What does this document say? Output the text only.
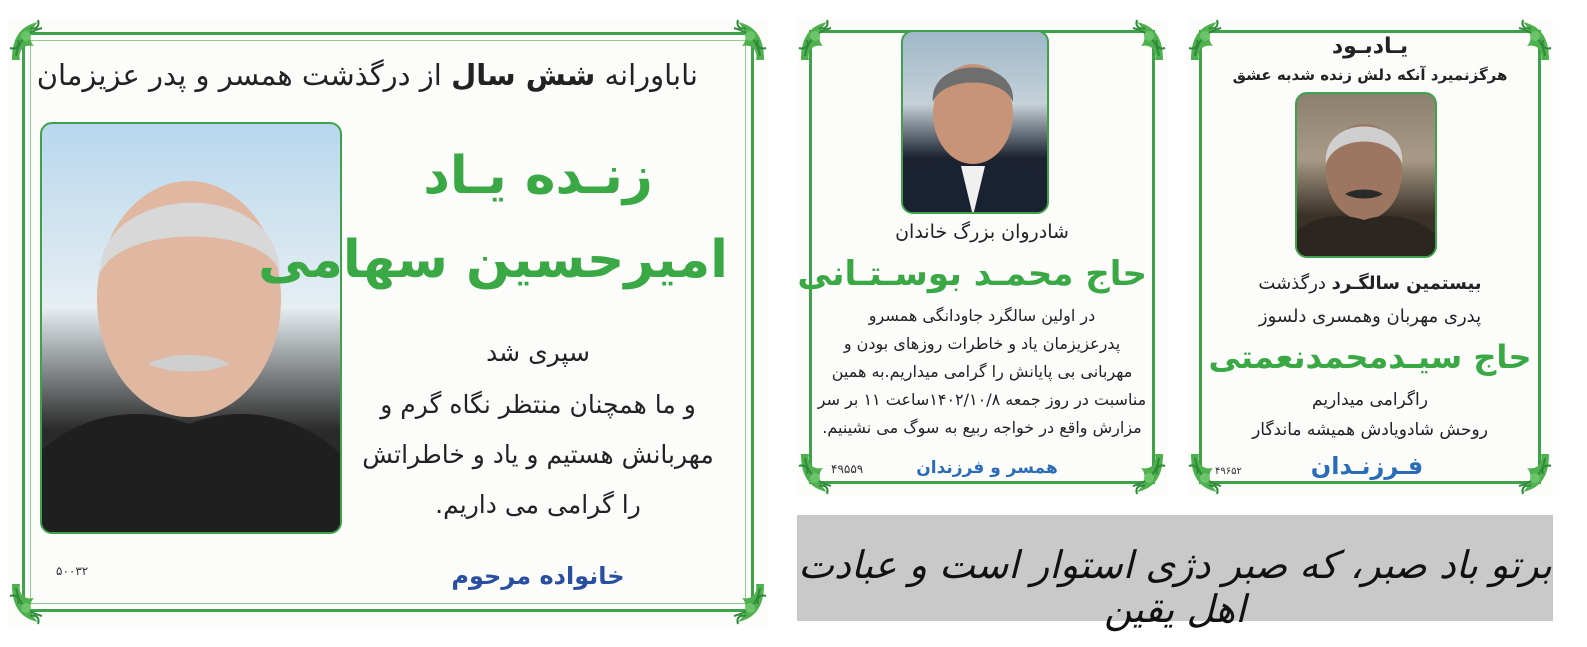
ناباورانه شش سال از درگذشت همسر و پدر عزیزمان
زنـده یـاد
امیرحسین سهامی
سپری شد
و ما همچنان منتظر نگاه گرم و
مهربانش هستیم و یاد و خاطراتش
را گرامی می داریم.
خانواده مرحوم
۵۰۰۳۲
شادروان بزرگ خاندان
حاج محمـد بوسـتـانی
در اولین سالگرد جاودانگی همسرو
پدرعزیزمان یاد و خاطرات روزهای بودن و
مهربانی بی پایانش را گرامی میداریم.به همین
مناسبت در روز جمعه ۱۴۰۲/۱۰/۸ساعت ۱۱ بر سر
مزارش واقع در خواجه ربیع به سوگ می نشینیم.
همسر و فرزندان
۴۹۵۵۹
یـادبـود
هرگزنمیرد آنکه دلش زنده شدبه عشق
بیستمین سالگـرد درگذشت
پدری مهربان وهمسری دلسوز
حاج سیـدمحمدنعمتی
راگرامی میداریم
روحش شادویادش همیشه ماندگار
فـرزنـدان
۴۹۶۵۲
برتو باد صبر، که صبر دژی استوار است و عبادت اهل یقین
